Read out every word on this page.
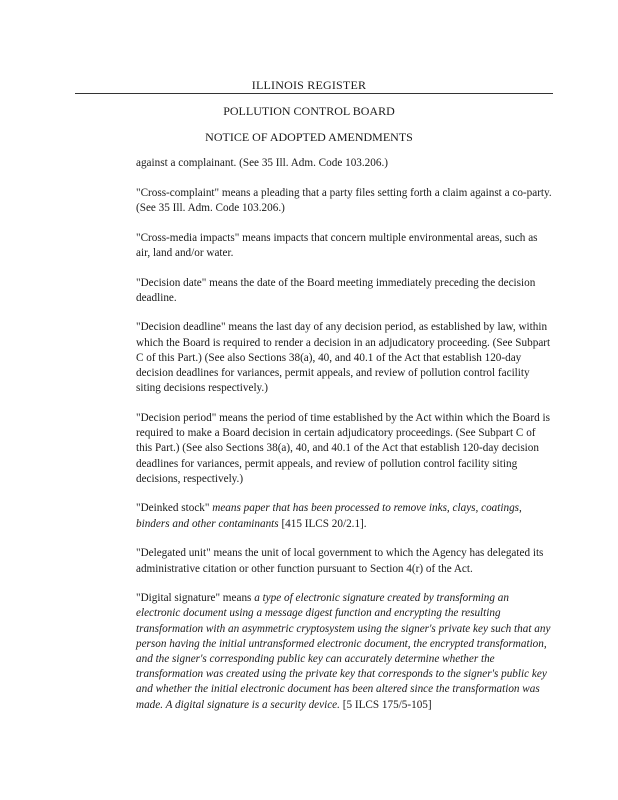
ILLINOIS REGISTER
POLLUTION CONTROL BOARD
NOTICE OF ADOPTED AMENDMENTS

against a complainant. (See 35 Ill. Adm. Code 103.206.)

"Cross-complaint" means a pleading that a party files setting forth a claim against a co-party. (See 35 Ill. Adm. Code 103.206.)

"Cross-media impacts" means impacts that concern multiple environmental areas, such as air, land and/or water.

"Decision date" means the date of the Board meeting immediately preceding the decision deadline.

"Decision deadline" means the last day of any decision period, as established by law, within which the Board is required to render a decision in an adjudicatory proceeding. (See Subpart C of this Part.) (See also Sections 38(a), 40, and 40.1 of the Act that establish 120-day decision deadlines for variances, permit appeals, and review of pollution control facility siting decisions respectively.)

"Decision period" means the period of time established by the Act within which the Board is required to make a Board decision in certain adjudicatory proceedings. (See Subpart C of this Part.) (See also Sections 38(a), 40, and 40.1 of the Act that establish 120-day decision deadlines for variances, permit appeals, and review of pollution control facility siting decisions, respectively.)

"Deinked stock" means paper that has been processed to remove inks, clays, coatings, binders and other contaminants [415 ILCS 20/2.1].

"Delegated unit" means the unit of local government to which the Agency has delegated its administrative citation or other function pursuant to Section 4(r) of the Act.

"Digital signature" means a type of electronic signature created by transforming an electronic document using a message digest function and encrypting the resulting transformation with an asymmetric cryptosystem using the signer's private key such that any person having the initial untransformed electronic document, the encrypted transformation, and the signer's corresponding public key can accurately determine whether the transformation was created using the private key that corresponds to the signer's public key and whether the initial electronic document has been altered since the transformation was made. A digital signature is a security device. [5 ILCS 175/5-105]
